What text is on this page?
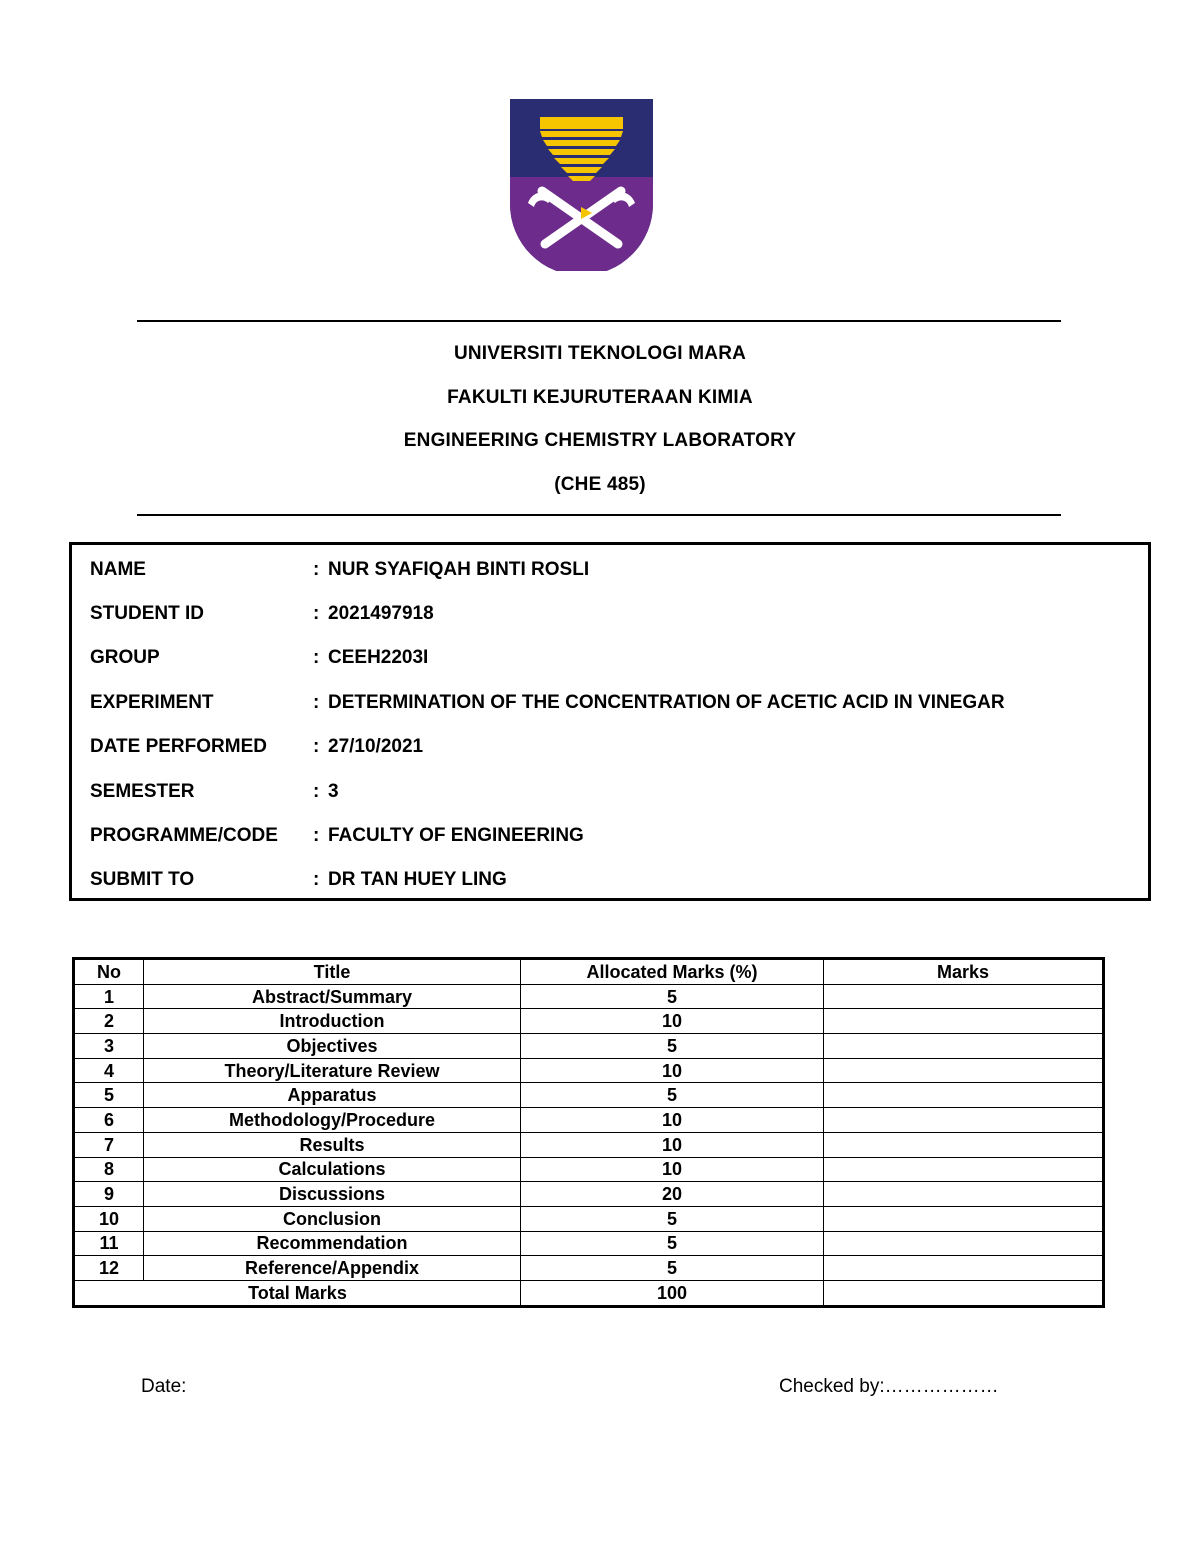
UNIVERSITI TEKNOLOGI MARA
FAKULTI KEJURUTERAAN KIMIA
ENGINEERING CHEMISTRY LABORATORY
(CHE 485)
NAME	: NUR SYAFIQAH BINTI ROSLI
STUDENT ID	: 2021497918
GROUP	: CEEH2203I
EXPERIMENT	: DETERMINATION OF THE CONCENTRATION OF ACETIC ACID IN VINEGAR
DATE PERFORMED : 27/10/2021
SEMESTER	: 3
PROGRAMME/CODE : FACULTY OF ENGINEERING
SUBMIT TO	: DR TAN HUEY LING
No	Title	Allocated Marks (%)	Marks
1	Abstract/Summary	5	
2	Introduction	10	
3	Objectives	5	
4	Theory/Literature Review	10	
5	Apparatus	5	
6	Methodology/Procedure	10	
7	Results	10	
8	Calculations	10	
9	Discussions	20	
10	Conclusion	5	
11	Recommendation	5	
12	Reference/Appendix	5	
Total Marks		100	
Date:	Checked by:………………
